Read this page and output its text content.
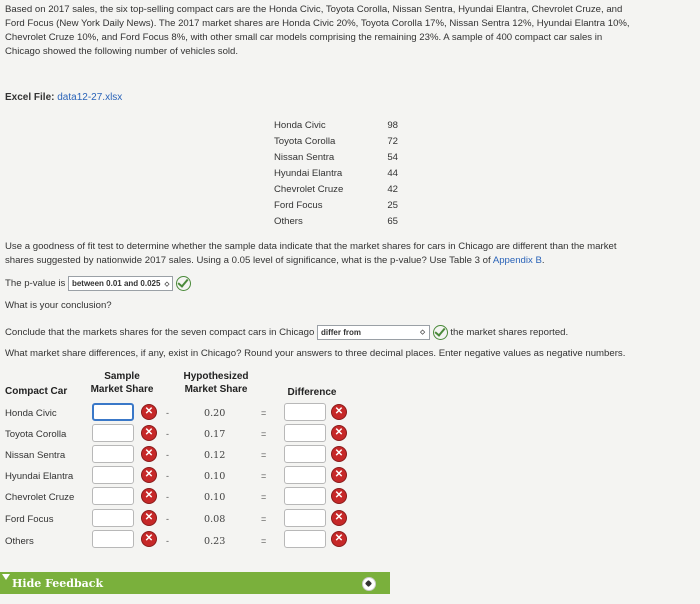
Based on 2017 sales, the six top-selling compact cars are the Honda Civic, Toyota Corolla, Nissan Sentra, Hyundai Elantra, Chevrolet Cruze, and
Ford Focus (New York Daily News). The 2017 market shares are Honda Civic 20%, Toyota Corolla 17%, Nissan Sentra 12%, Hyundai Elantra 10%,
Chevrolet Cruze 10%, and Ford Focus 8%, with other small car models comprising the remaining 23%. A sample of 400 compact car sales in
Chicago showed the following number of vehicles sold.
Excel File: data12-27.xlsx
Honda Civic	98
Toyota Corolla	72
Nissan Sentra	54
Hyundai Elantra	44
Chevrolet Cruze	42
Ford Focus	25
Others	65
Use a goodness of fit test to determine whether the sample data indicate that the market shares for cars in Chicago are different than the market
shares suggested by nationwide 2017 sales. Using a 0.05 level of significance, what is the p-value? Use Table 3 of Appendix B.
The p-value is between 0.01 and 0.025 ⬦
What is your conclusion?
Conclude that the markets shares for the seven compact cars in Chicago differ from	⬦	the market shares reported.
What market share differences, if any, exist in Chicago? Round your answers to three decimal places. Enter negative values as negative numbers.
Compact Car
Sample
Market Share
Hypothesized
Market Share	Difference
Honda Civic	✕	-	0.20	=	✕
Toyota Corolla	✕	-	0.17	=	✕
Nissan Sentra	✕	-	0.12	=	✕
Hyundai Elantra	✕	-	0.10	=	✕
Chevrolet Cruze	✕	-	0.10	=	✕
Ford Focus	✕	-	0.08	=	✕
Others	✕	-	0.23	=	✕
Hide Feedback
